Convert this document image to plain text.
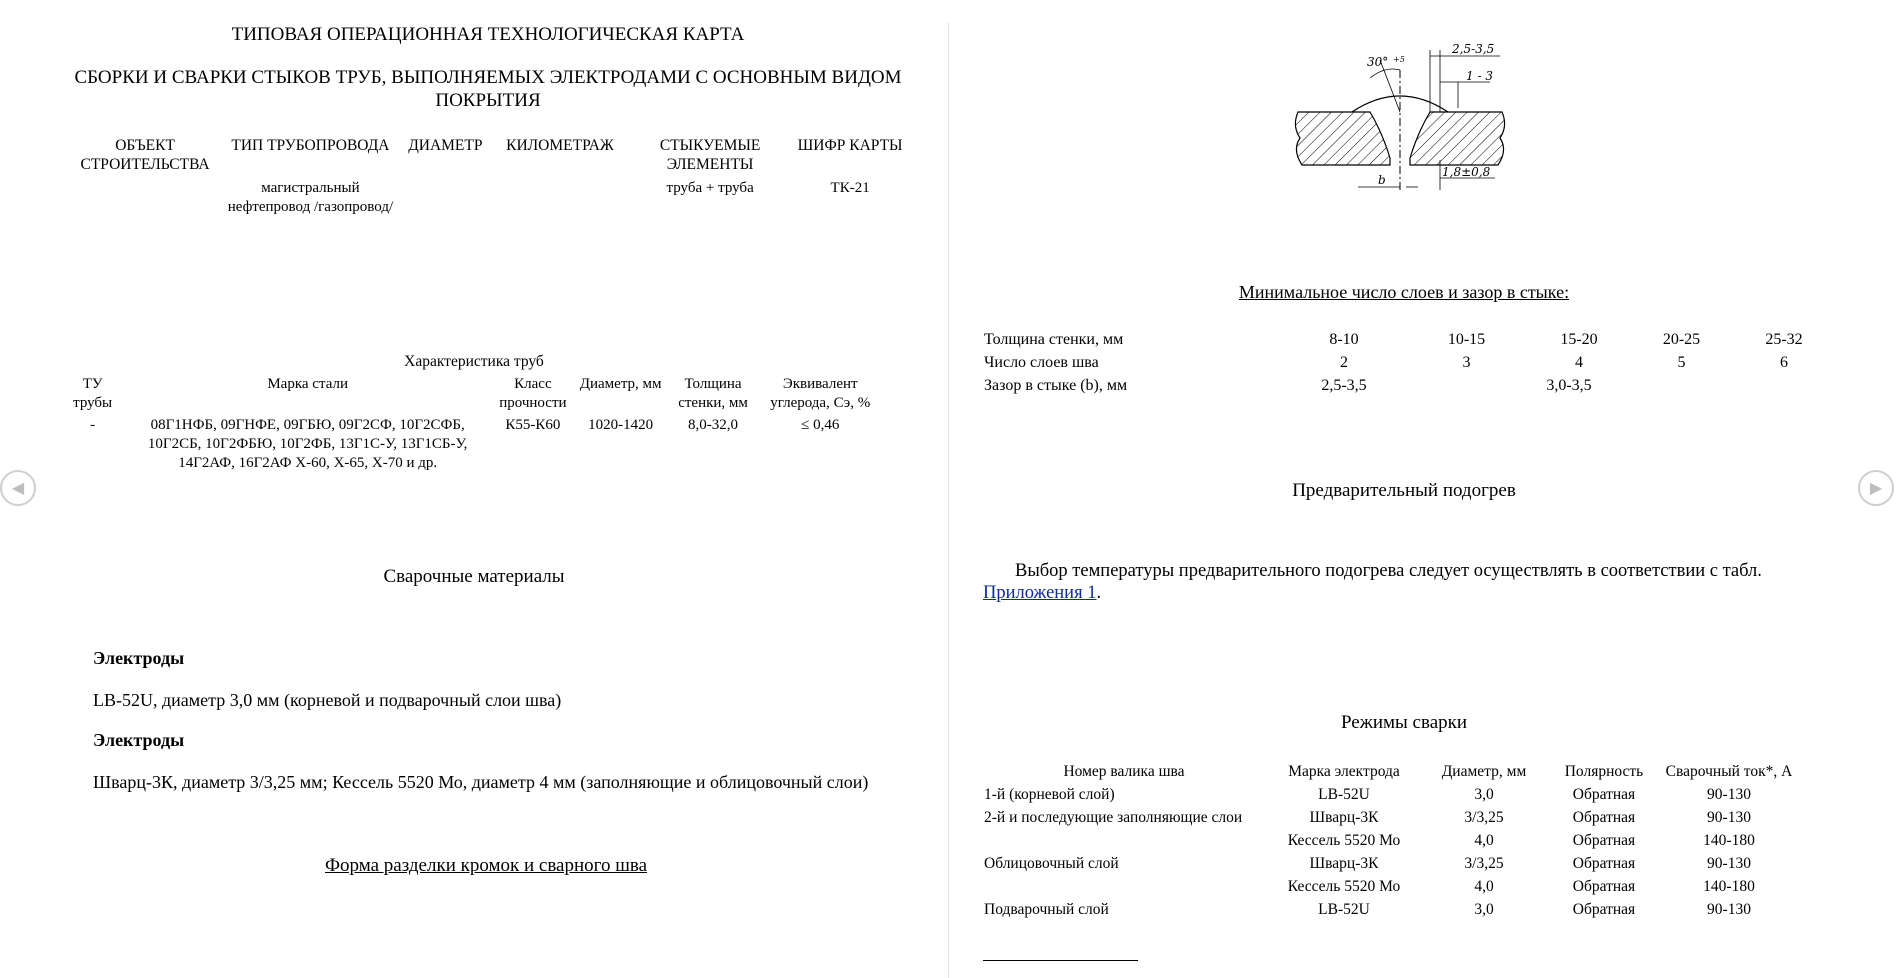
◀	▶
ТИПОВАЯ ОПЕРАЦИОННАЯ ТЕХНОЛОГИЧЕСКАЯ КАРТА
СБОРКИ И СВАРКИ СТЫКОВ ТРУБ, ВЫПОЛНЯЕМЫХ ЭЛЕКТРОДАМИ С ОСНОВНЫМ ВИДОМ ПОКРЫТИЯ
ОБЪЕКТ СТРОИТЕЛЬСТВА	ТИП ТРУБОПРОВОДА	ДИАМЕТР	КИЛОМЕТРАЖ	СТЫКУЕМЫЕ ЭЛЕМЕНТЫ	ШИФР КАРТЫ
	магистральный нефтепровод /газопровод/			труба + труба	ТК-21
Характеристика труб
ТУ трубы	Марка стали	Класс прочности	Диаметр, мм	Толщина стенки, мм	Эквивалент углерода, Сэ, %
-	08Г1НФБ, 09ГНФЕ, 09ГБЮ, 09Г2СФ, 10Г2СФБ, 10Г2СБ, 10Г2ФБЮ, 10Г2ФБ, 13Г1С-У, 13Г1СБ-У, 14Г2АФ, 16Г2АФ Х-60, Х-65, Х-70 и др.	К55-К60	1020-1420	8,0-32,0	≤ 0,46
Сварочные материалы
Электроды
LB-52U, диаметр 3,0 мм (корневой и подварочный слои шва)
Электроды
Шварц-3К, диаметр 3/3,25 мм; Кессель 5520 Мо, диаметр 4 мм (заполняющие и облицовочный слои)
Форма разделки кромок и сварного шва
30° +5
2,5-3,5
1 - 3
b
1,8±0,8
Минимальное число слоев и зазор в стыке:
Толщина стенки, мм	8-10	10-15	15-20	20-25	25-32
Число слоев шва	2	3	4	5	6
Зазор в стыке (b), мм	2,5-3,5	3,0-3,5			
Предварительный подогрев
Выбор температуры предварительного подогрева следует осуществлять в соответствии с табл.
Приложения 1.
Режимы сварки
Номер валика шва	Марка электрода	Диаметр, мм	Полярность	Сварочный ток*, А
1-й (корневой слой)	LB-52U	3,0	Обратная	90-130
2-й и последующие заполняющие слои	Шварц-3К	3/3,25	Обратная	90-130
	Кессель 5520 Мо	4,0	Обратная	140-180
Облицовочный слой	Шварц-3К	3/3,25	Обратная	90-130
	Кессель 5520 Мо	4,0	Обратная	140-180
Подварочный слой	LB-52U	3,0	Обратная	90-130
